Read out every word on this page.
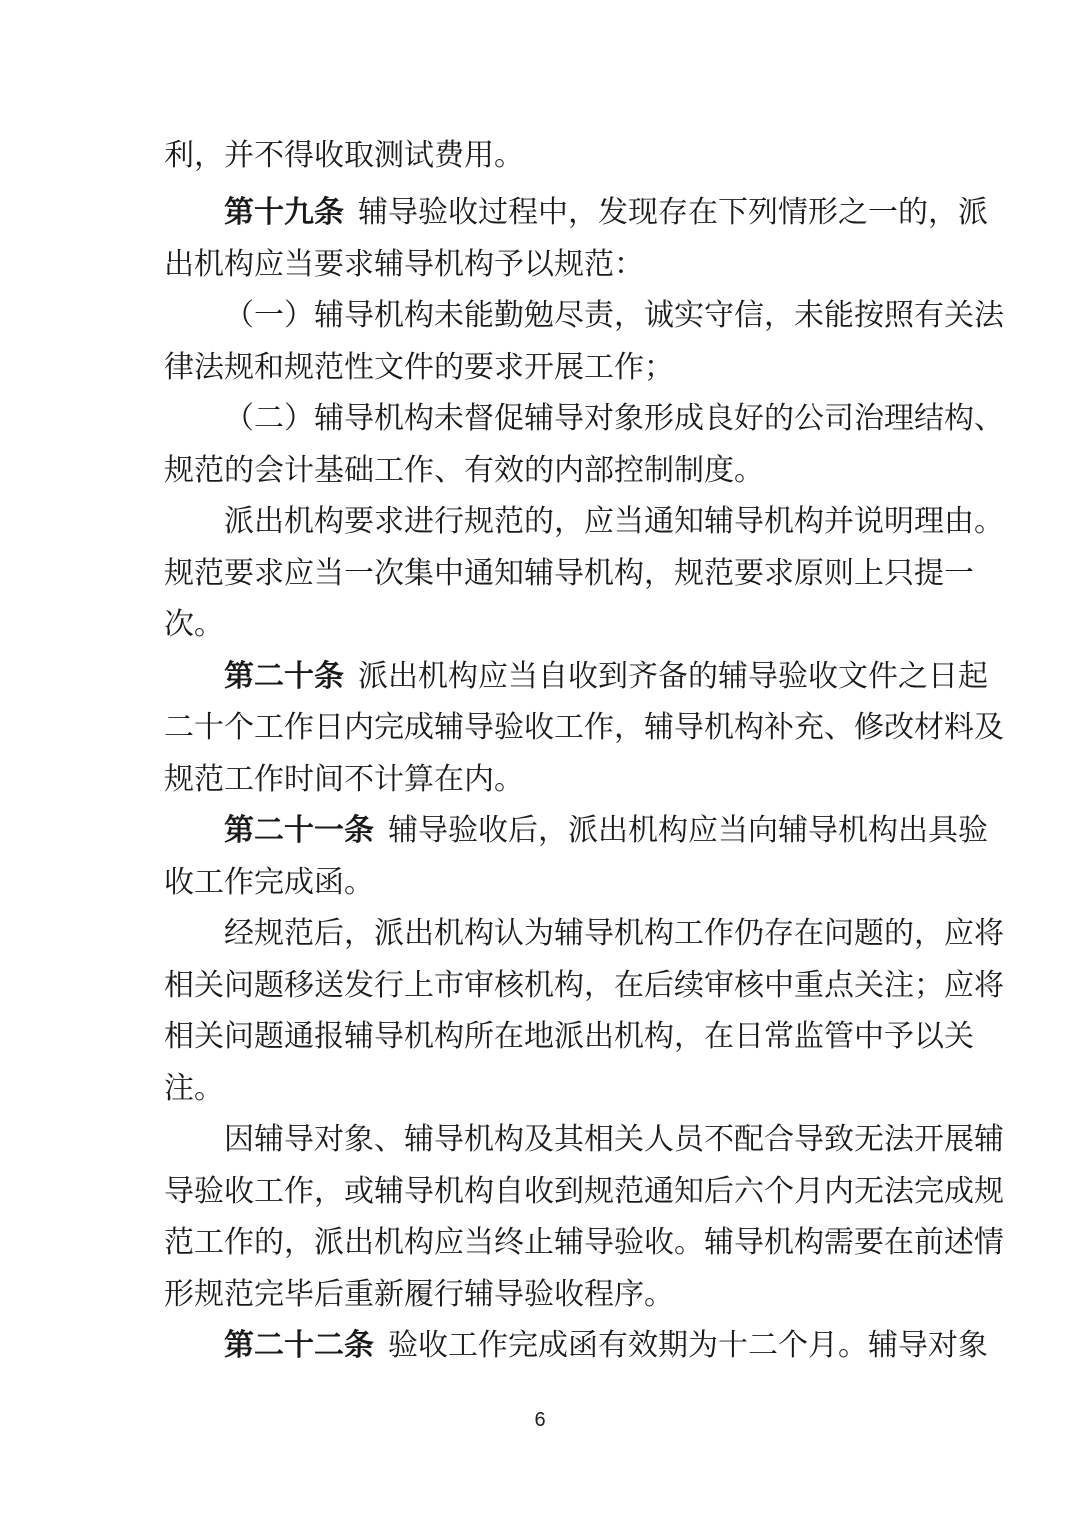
利，并不得收取测试费用。
第十九条 辅导验收过程中，发现存在下列情形之一的，派
出机构应当要求辅导机构予以规范：
（一）辅导机构未能勤勉尽责，诚实守信，未能按照有关法
律法规和规范性文件的要求开展工作；
（二）辅导机构未督促辅导对象形成良好的公司治理结构、
规范的会计基础工作、有效的内部控制制度。
派出机构要求进行规范的，应当通知辅导机构并说明理由。
规范要求应当一次集中通知辅导机构，规范要求原则上只提一
次。
第二十条 派出机构应当自收到齐备的辅导验收文件之日起
二十个工作日内完成辅导验收工作，辅导机构补充、修改材料及
规范工作时间不计算在内。
第二十一条 辅导验收后，派出机构应当向辅导机构出具验
收工作完成函。
经规范后，派出机构认为辅导机构工作仍存在问题的，应将
相关问题移送发行上市审核机构，在后续审核中重点关注；应将
相关问题通报辅导机构所在地派出机构，在日常监管中予以关
注。
因辅导对象、辅导机构及其相关人员不配合导致无法开展辅
导验收工作，或辅导机构自收到规范通知后六个月内无法完成规
范工作的，派出机构应当终止辅导验收。辅导机构需要在前述情
形规范完毕后重新履行辅导验收程序。
第二十二条 验收工作完成函有效期为十二个月。辅导对象
6
